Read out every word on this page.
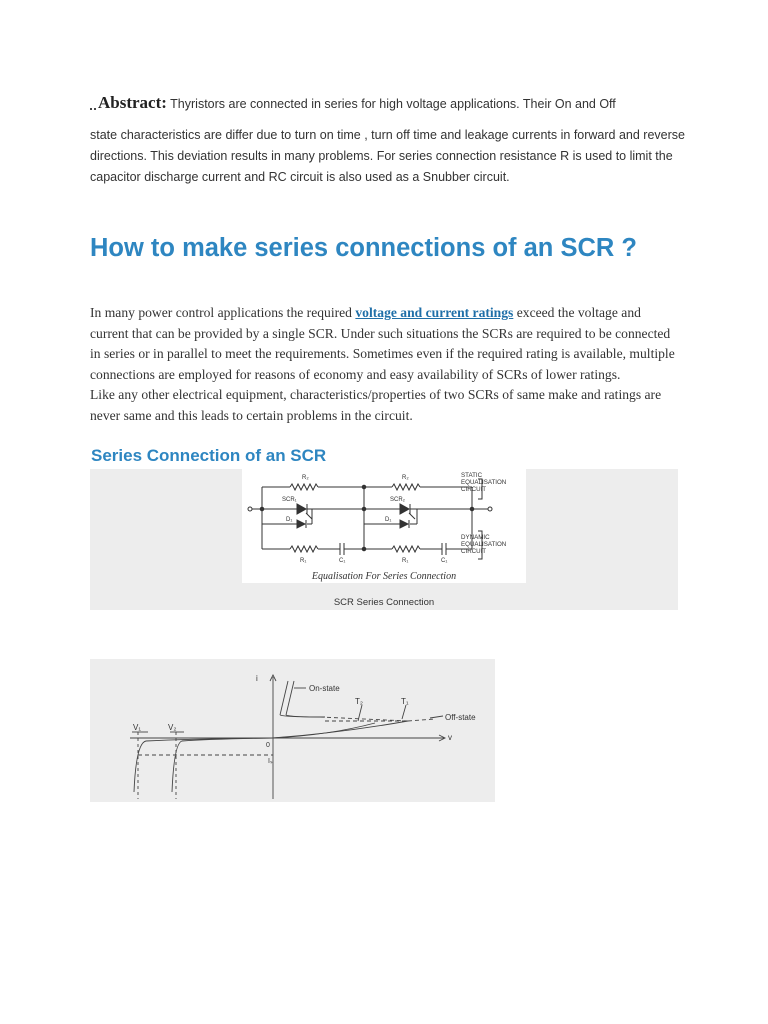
Abstract: Thyristors are connected in series for high voltage applications. Their On and Off
state characteristics are differ due to turn on time , turn off time and leakage currents in forward and reverse directions. This deviation results in many problems. For series connection resistance R is used to limit the capacitor discharge current and RC circuit is also used as a Snubber circuit.
How to make series connections of an SCR ?
In many power control applications the required voltage and current ratings exceed the voltage and current that can be provided by a single SCR. Under such situations the SCRs are required to be connected in series or in parallel to meet the requirements. Sometimes even if the required rating is available, multiple connections are employed for reasons of economy and easy availability of SCRs of lower ratings.
Like any other electrical equipment, characteristics/properties of two SCRs of same make and ratings are never same and this leads to certain problems in the circuit.
Series Connection of an SCR
R₂	R₂
SCR₁	SCR₂
D₁	D₁
R₁	C₁	R₁	C₁
STATIC
EQUALISATION
CIRCUIT
DYNAMIC
EQUALISATION
CIRCUIT
Equalisation For Series Connection
SCR Series Connection
i
v
0
On-state
Off-state
T₂	T₁
V₁	V₂
Iₛ
